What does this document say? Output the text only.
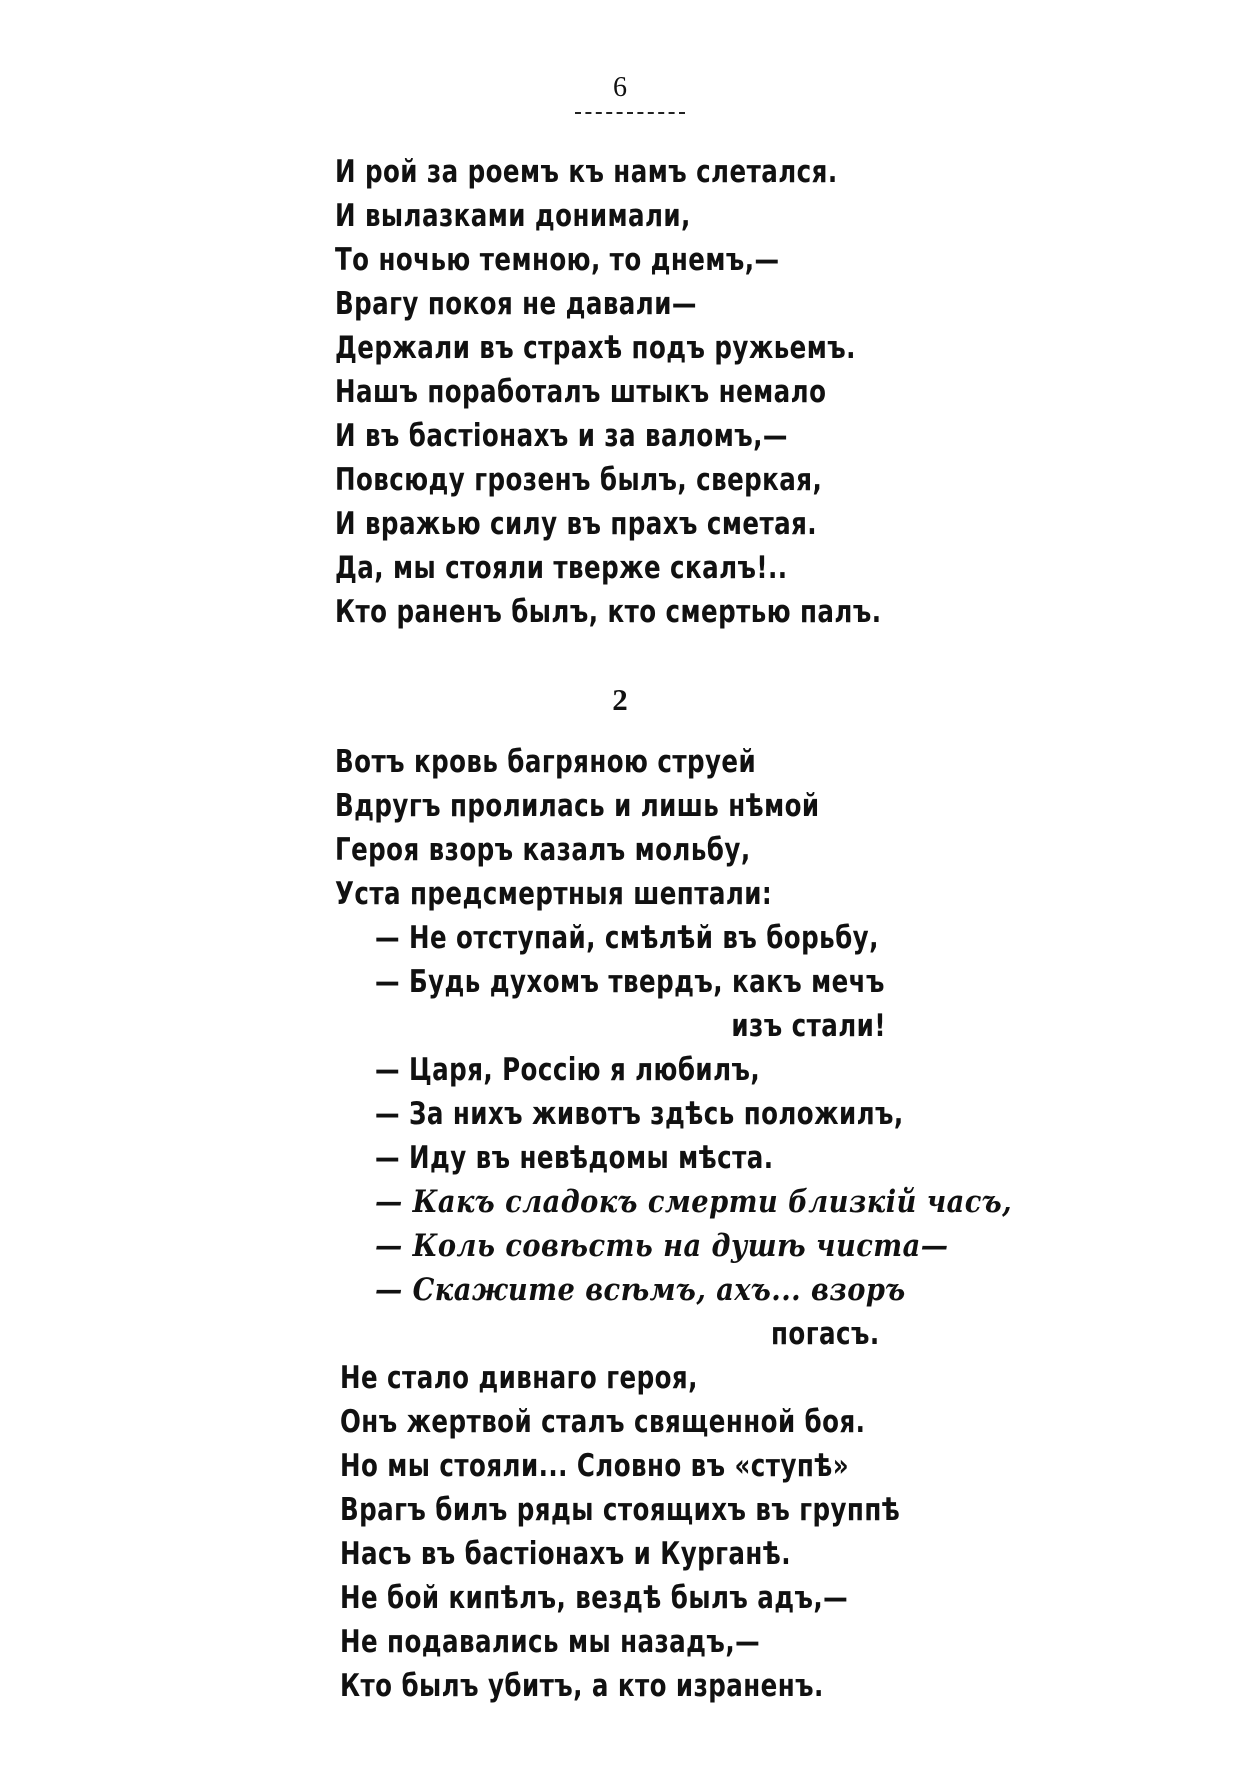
6
И рой за роемъ къ намъ слетался.
И вылазками донимали,
То ночью темною, то днемъ,—
Врагу покоя не давали—
Держали въ страхѣ подъ ружьемъ.
Нашъ поработалъ штыкъ немало
И въ бастіонахъ и за валомъ,—
Повсюду грозенъ былъ, сверкая,
И вражью силу въ прахъ сметая.
Да, мы стояли тверже скалъ!..
Кто раненъ былъ, кто смертью палъ.
2
Вотъ кровь багряною струей
Вдругъ пролилась и лишь нѣмой
Героя взоръ казалъ мольбу,
Уста предсмертныя шептали:
— Не отступай, смѣлѣй въ борьбу,
— Будь духомъ твердъ, какъ мечъ
изъ стали!
— Царя, Россію я любилъ,
— За нихъ животъ здѣсь положилъ,
— Иду въ невѣдомы мѣста.
— Какъ сладокъ смерти близкій часъ,
— Коль совѣсть на душѣ чиста—
— Скажите всѣмъ, ахъ... взоръ
погасъ.
Не стало дивнаго героя,
Онъ жертвой сталъ священной боя.
Но мы стояли... Словно въ «ступѣ»
Врагъ билъ ряды стоящихъ въ группѣ
Насъ въ бастіонахъ и Курганѣ.
Не бой кипѣлъ, вездѣ былъ адъ,—
Не подавались мы назадъ,—
Кто былъ убитъ, а кто израненъ.
